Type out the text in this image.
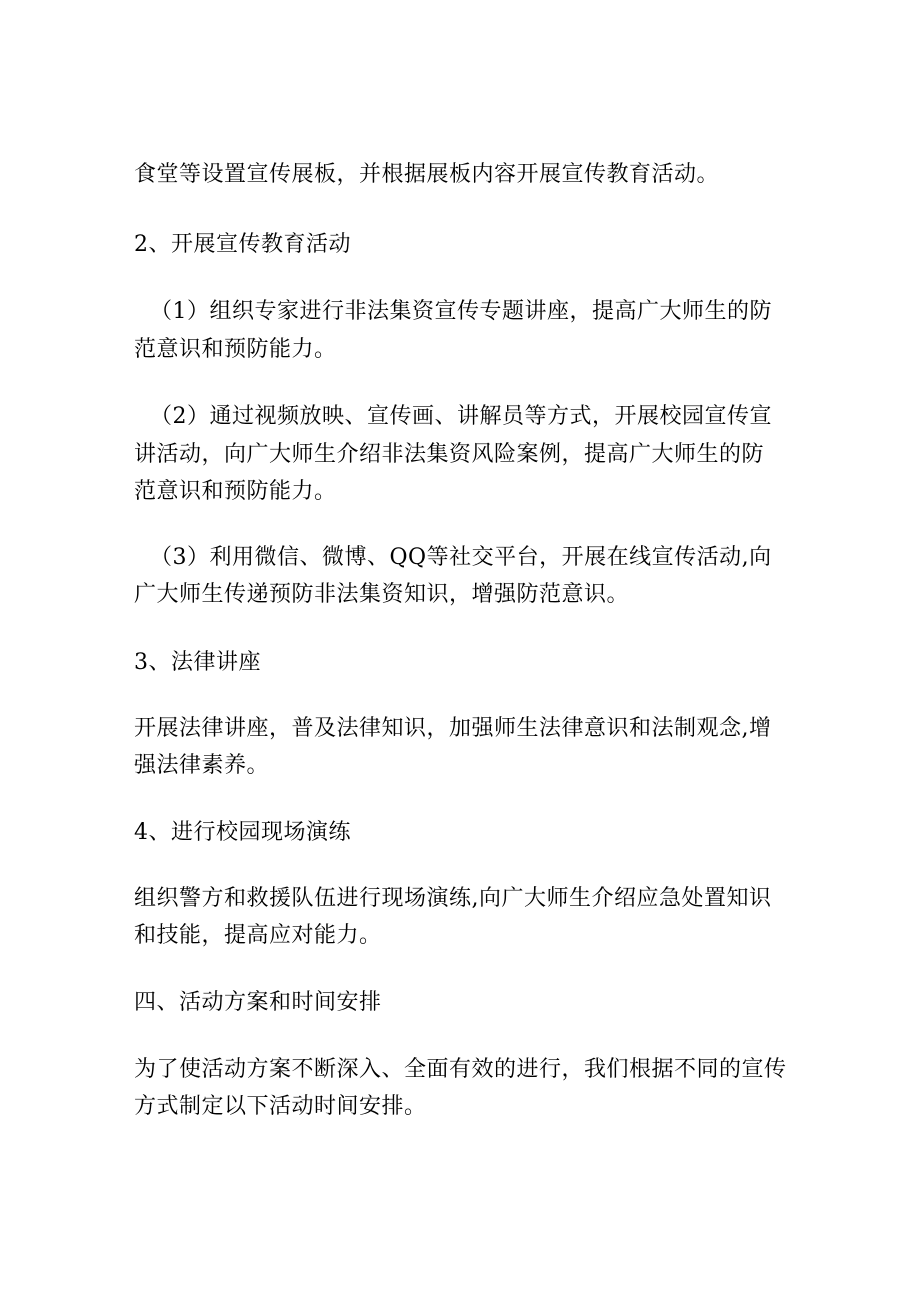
食堂等设置宣传展板，并根据展板内容开展宣传教育活动。
2、开展宣传教育活动
（1）组织专家进行非法集资宣传专题讲座，提高广大师生的防
范意识和预防能力。
（2）通过视频放映、宣传画、讲解员等方式，开展校园宣传宣
讲活动，向广大师生介绍非法集资风险案例，提高广大师生的防
范意识和预防能力。
（3）利用微信、微博、QQ等社交平台，开展在线宣传活动,向
广大师生传递预防非法集资知识，增强防范意识。
3、法律讲座
开展法律讲座，普及法律知识，加强师生法律意识和法制观念,增
强法律素养。
4、进行校园现场演练
组织警方和救援队伍进行现场演练,向广大师生介绍应急处置知识
和技能，提高应对能力。
四、活动方案和时间安排
为了使活动方案不断深入、全面有效的进行，我们根据不同的宣传
方式制定以下活动时间安排。
